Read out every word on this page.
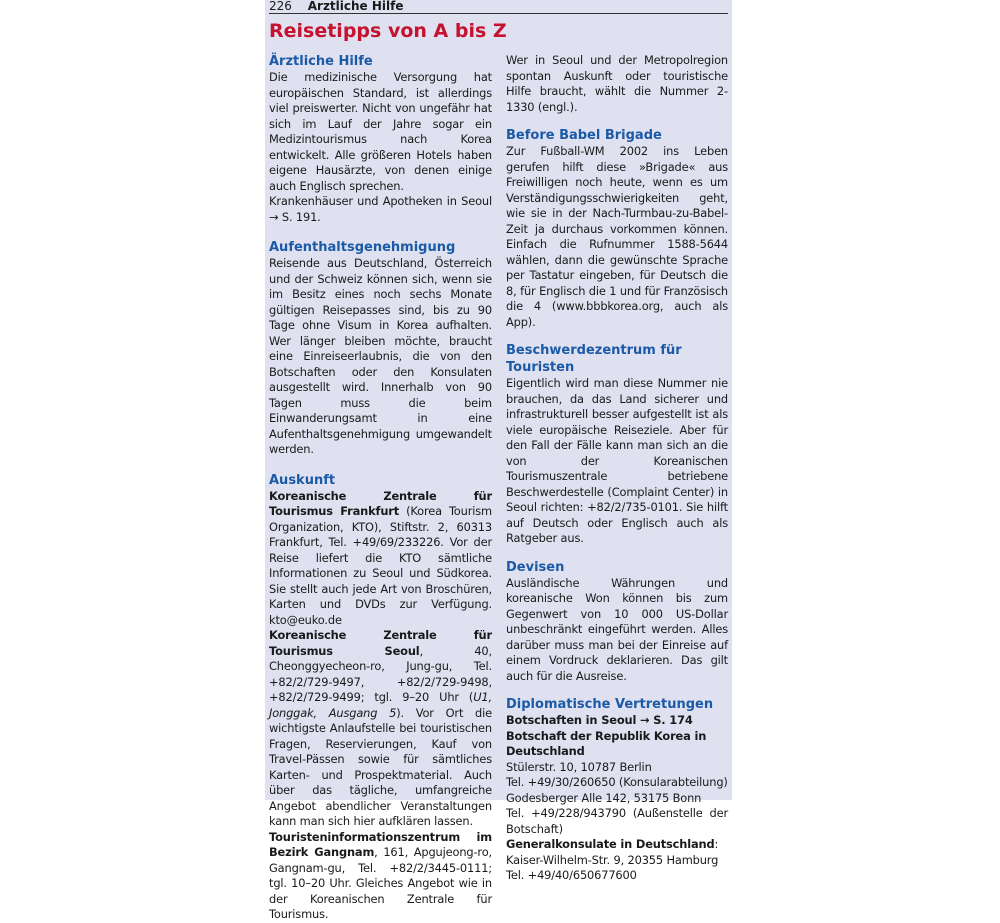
226 Ärztliche Hilfe
Reisetipps von A bis Z
Ärztliche Hilfe

Die medizinische Versorgung hat europäischen Standard, ist allerdings viel preiswerter. Nicht von ungefähr hat sich im Lauf der Jahre sogar ein Medizintourismus nach Korea entwickelt. Alle größeren Hotels haben eigene Hausärzte, von denen einige auch Englisch sprechen.

Krankenhäuser und Apotheken in Seoul → S. 191.

Aufenthaltsgenehmigung

Reisende aus Deutschland, Österreich und der Schweiz können sich, wenn sie im Besitz eines noch sechs Monate gültigen Reisepasses sind, bis zu 90 Tage ohne Visum in Korea aufhalten. Wer länger bleiben möchte, braucht eine Einreiseerlaubnis, die von den Botschaften oder den Konsulaten ausgestellt wird. Innerhalb von 90 Tagen muss die beim Einwanderungsamt in eine Aufenthaltsgenehmigung umgewandelt werden.

Auskunft

Koreanische Zentrale für Tourismus Frankfurt (Korea Tourism Organization, KTO), Stiftstr. 2, 60313 Frankfurt, Tel. +49/69/233226. Vor der Reise liefert die KTO sämtliche Informationen zu Seoul und Südkorea. Sie stellt auch jede Art von Broschüren, Karten und DVDs zur Verfügung. kto@euko.de

Koreanische Zentrale für Tourismus Seoul, 40, Cheonggyecheon-ro, Jung-gu, Tel. +82/2/729-9497, +82/2/729-9498, +82/2/729-9499; tgl. 9–20 Uhr (U1, Jonggak, Ausgang 5). Vor Ort die wichtigste Anlaufstelle bei touristischen Fragen, Reservierungen, Kauf von Travel-Pässen sowie für sämtliches Karten- und Prospektmaterial. Auch über das tägliche, umfangreiche Angebot abendlicher Veranstaltungen kann man sich hier aufklären lassen.

Touristeninformationszentrum im Bezirk Gangnam, 161, Apgujeong-ro, Gangnam-gu, Tel. +82/2/3445-0111; tgl. 10–20 Uhr. Gleiches Angebot wie in der Koreanischen Zentrale für Tourismus.

Wer in Seoul und der Metropolregion spontan Auskunft oder touristische Hilfe braucht, wählt die Nummer 2-1330 (engl.).

Before Babel Brigade

Zur Fußball-WM 2002 ins Leben gerufen hilft diese »Brigade« aus Freiwilligen noch heute, wenn es um Verständigungsschwierigkeiten geht, wie sie in der Nach-Turmbau-zu-Babel-Zeit ja durchaus vorkommen können. Einfach die Rufnummer 1588-5644 wählen, dann die gewünschte Sprache per Tastatur eingeben, für Deutsch die 8, für Englisch die 1 und für Französisch die 4 (www.bbbkorea.org, auch als App).

Beschwerdezentrum für Touristen

Eigentlich wird man diese Nummer nie brauchen, da das Land sicherer und infrastrukturell besser aufgestellt ist als viele europäische Reiseziele. Aber für den Fall der Fälle kann man sich an die von der Koreanischen Tourismuszentrale betriebene Beschwerdestelle (Complaint Center) in Seoul richten: +82/2/735-0101. Sie hilft auf Deutsch oder Englisch auch als Ratgeber aus.

Devisen

Ausländische Währungen und koreanische Won können bis zum Gegenwert von 10 000 US-Dollar unbeschränkt eingeführt werden. Alles darüber muss man bei der Einreise auf einem Vordruck deklarieren. Das gilt auch für die Ausreise.

Diplomatische Vertretungen

Botschaften in Seoul → S. 174

Botschaft der Republik Korea in Deutschland

Stülerstr. 10, 10787 Berlin

Tel. +49/30/260650 (Konsularabteilung)

Godesberger Alle 142, 53175 Bonn

Tel. +49/228/943790 (Außenstelle der Botschaft)

Generalkonsulate in Deutschland:

Kaiser-Wilhelm-Str. 9, 20355 Hamburg

Tel. +49/40/650677600
